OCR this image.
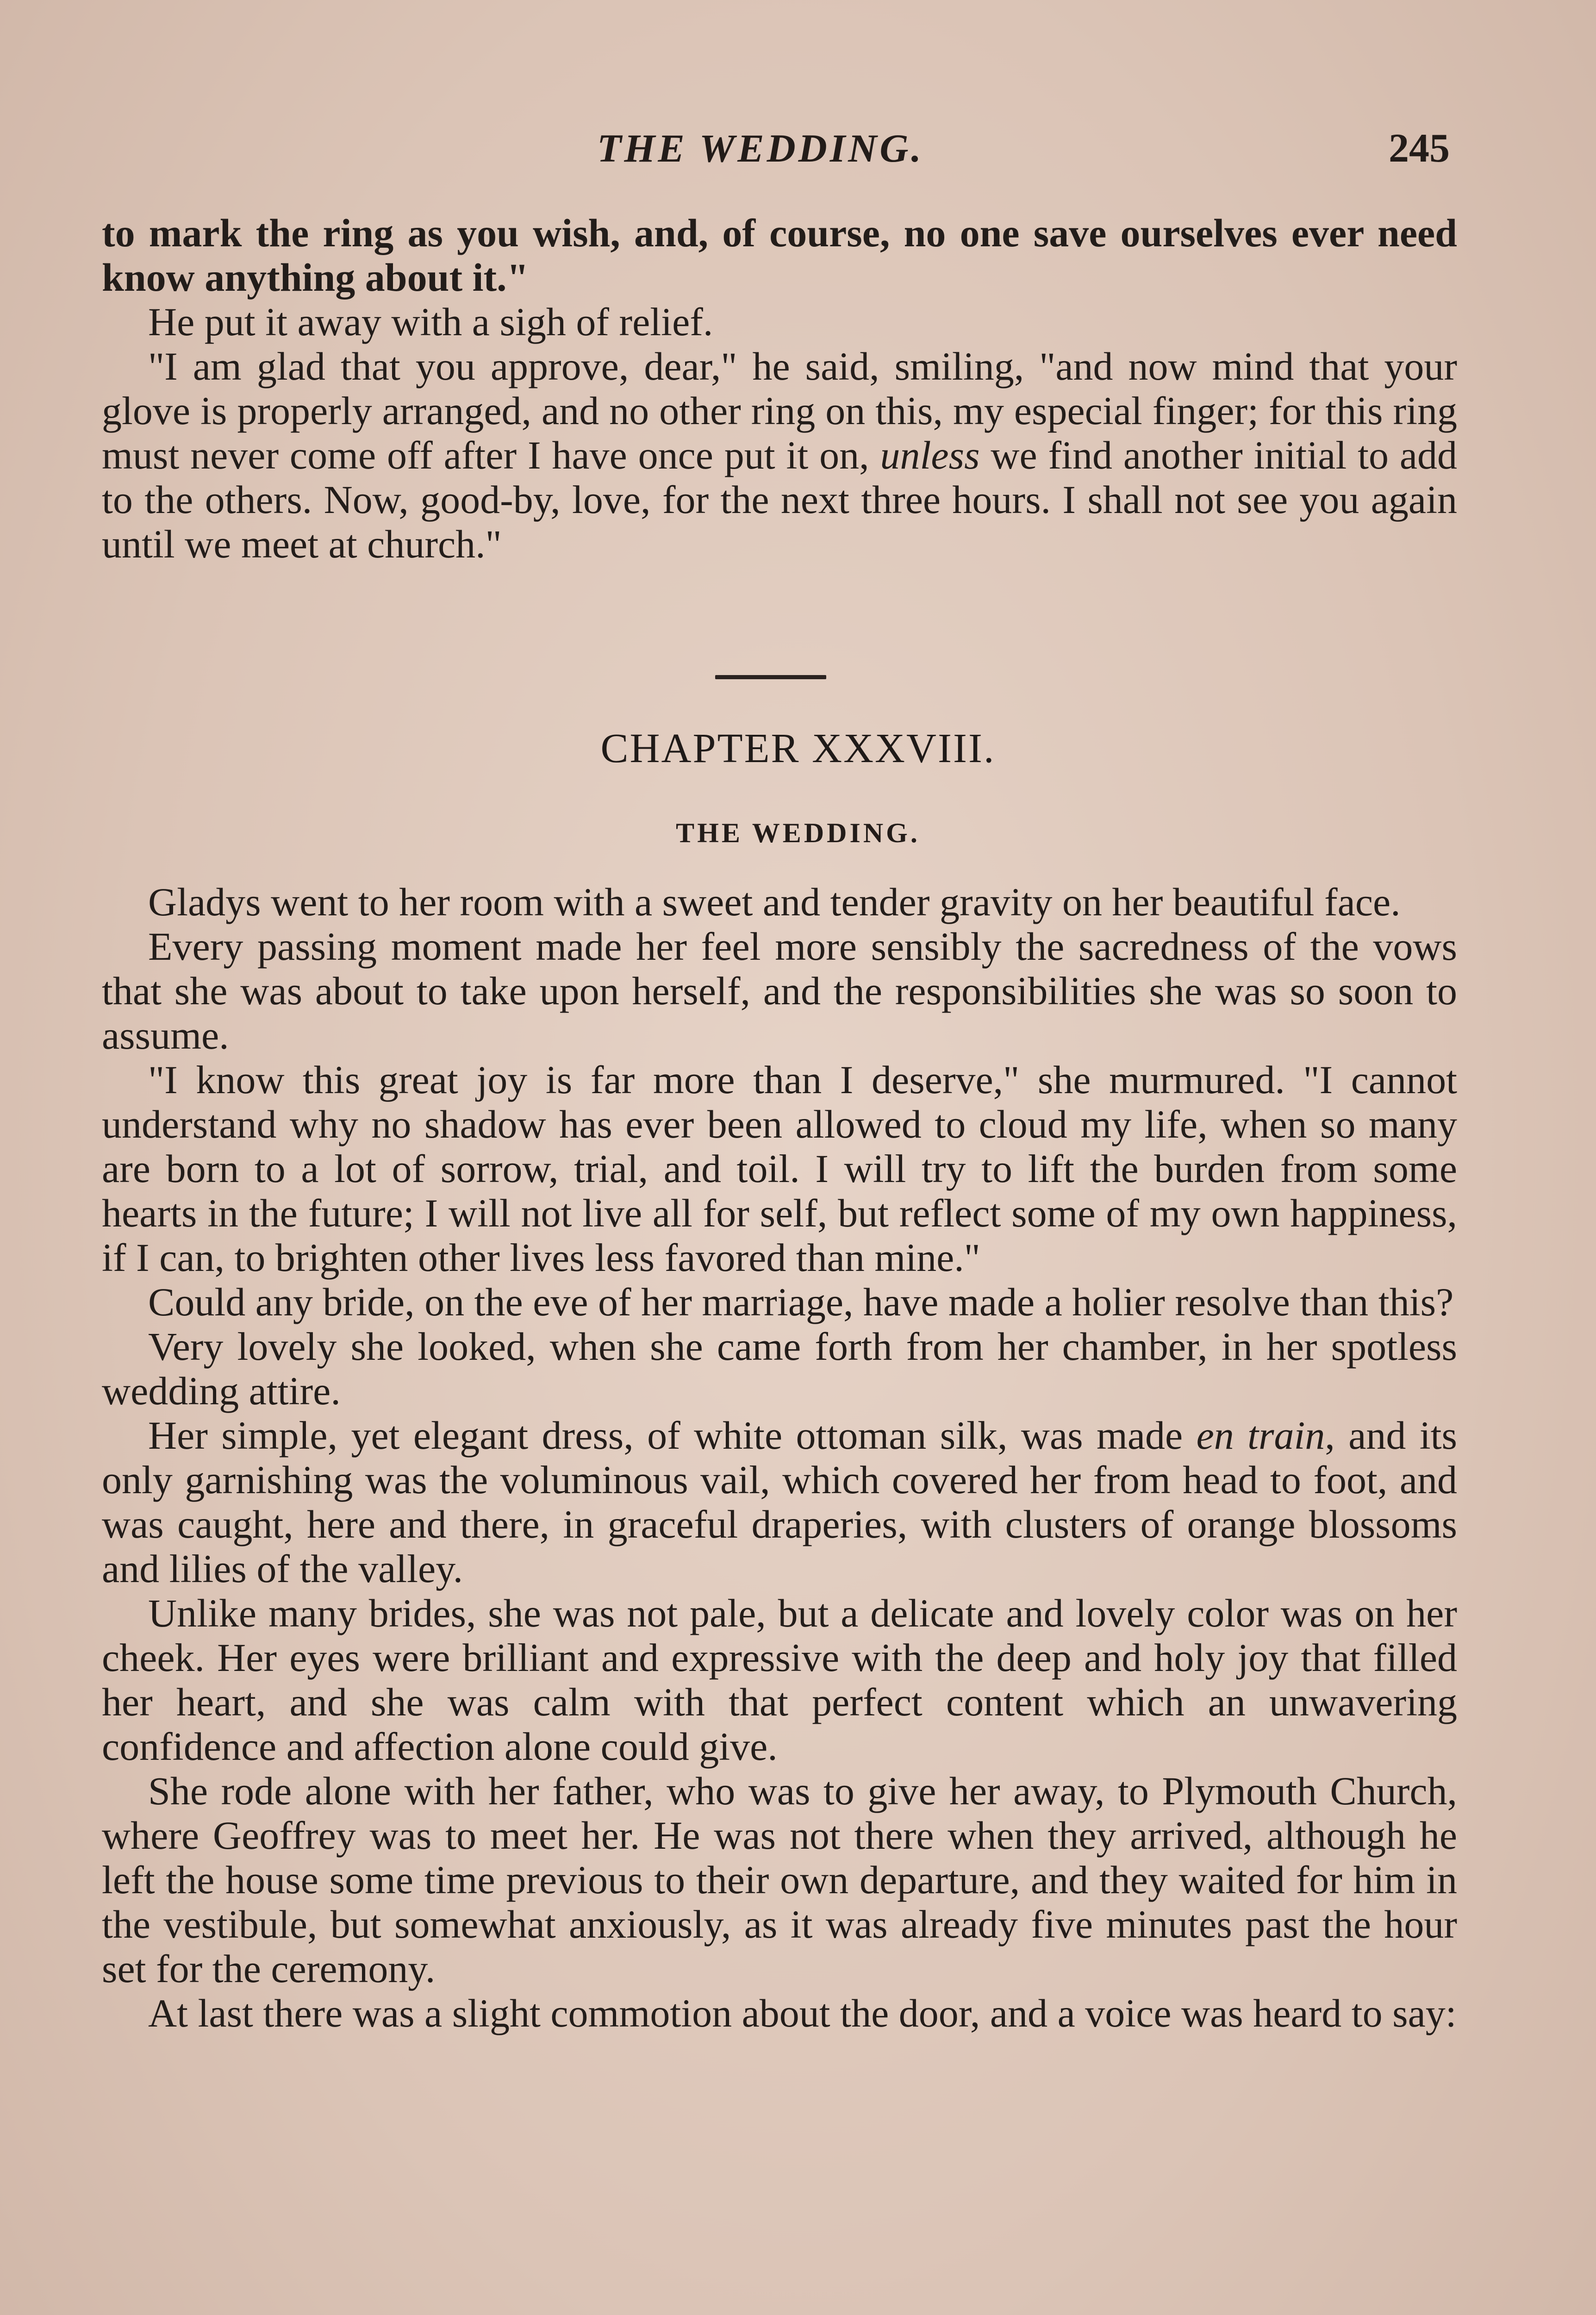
THE WEDDING.	245

to mark the ring as you wish, and, of course, no one save ourselves ever need know anything about it."

He put it away with a sigh of relief.

"I am glad that you approve, dear," he said, smiling, "and now mind that your glove is properly arranged, and no other ring on this, my especial finger; for this ring must never come off after I have once put it on, unless we find another initial to add to the others. Now, good-by, love, for the next three hours. I shall not see you again until we meet at church."

CHAPTER XXXVIII.
THE WEDDING.

Gladys went to her room with a sweet and tender gravity on her beautiful face.

Every passing moment made her feel more sensibly the sacredness of the vows that she was about to take upon herself, and the responsibilities she was so soon to assume.

"I know this great joy is far more than I deserve," she murmured. "I cannot understand why no shadow has ever been allowed to cloud my life, when so many are born to a lot of sorrow, trial, and toil. I will try to lift the burden from some hearts in the future; I will not live all for self, but reflect some of my own happiness, if I can, to brighten other lives less favored than mine."

Could any bride, on the eve of her marriage, have made a holier resolve than this?

Very lovely she looked, when she came forth from her chamber, in her spotless wedding attire.

Her simple, yet elegant dress, of white ottoman silk, was made en train, and its only garnishing was the voluminous vail, which covered her from head to foot, and was caught, here and there, in graceful draperies, with clusters of orange blossoms and lilies of the valley.

Unlike many brides, she was not pale, but a delicate and lovely color was on her cheek. Her eyes were brilliant and expressive with the deep and holy joy that filled her heart, and she was calm with that perfect content which an unwavering confidence and affection alone could give.

She rode alone with her father, who was to give her away, to Plymouth Church, where Geoffrey was to meet her. He was not there when they arrived, although he left the house some time previous to their own departure, and they waited for him in the vestibule, but somewhat anxiously, as it was already five minutes past the hour set for the ceremony.

At last there was a slight commotion about the door, and a voice was heard to say:
